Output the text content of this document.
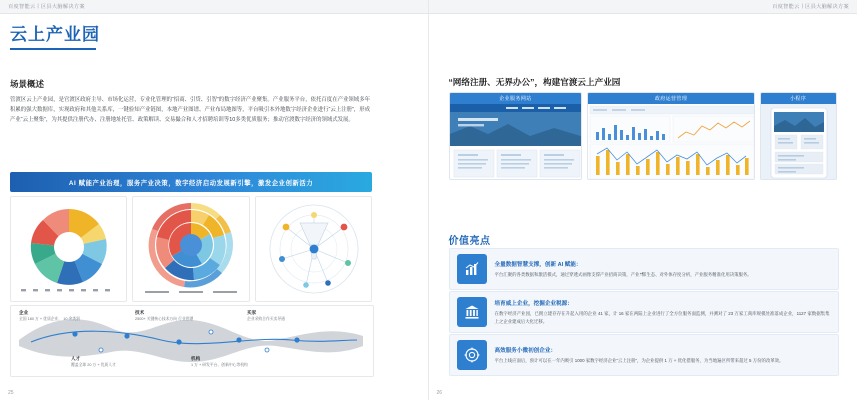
百度智能云丨区县大脑解决方案
云上产业园
场景概述
管渡区云上产业园，是官渡区政府主导、市场化运营，专业化管理的“招商、引贷、引智”的数字经济产业聚集。产业服务平台，依托百度在产业领域多年积累的强大数据库，实现政府和其他关系库，一键验知产业链图，本地产业图谱、产业布局地图等，平台吸引本外地数字经济企业进行“云上注册”，形成产业“云上聚集”，为其提供注册代办、注册地址托管、政策解读、交易撮合和人才招聘培训等10多类优质服务；推动官渡数字经济的领域式发展。
AI 赋能产业治理，服务产业决策，数字经济启动发展新引擎，激发企业创新活力
企业
全国 180 万 + 优质企业， 10 余类别
技术
2500+ 关键核心技术万向 行业图谱
买家
企业采购合作买卖导通
人才
覆盖全球 20 万 + 优质人才
机构
1 万 + 研发平台、创新中心等机构
25
百度智能云丨区县大脑解决方案
“网络注册、无界办公”，构建官渡云上产业园
企业服务网站	政府运营管理	小程序
价值亮点
全量数据智慧支撑，创新 AI 赋能：
平台汇聚的各类数据和激活模式，通过穿透式画像支撑产业招商决策，产业ో部生态、对外体存度分析，产业服务精准化用决策服务。
培育威上企业，挖掘企业税源：
在数字经济产业园，已拥立建存存在升起入用的企业 41 家，计 16 家在两陆上企业进行了全方位服务面监测，并测对了 23 万家工商库规模处准落成企业，1127 家数据集集上之企业建成后大化迁移。
高效服务小微初创企业：
平台上线应面后，预计可以在一年内吸引 1000 家数字经济企业“云上注册”，为企业提供 1 万 + 优化措服务，为当地遍区所带来超过 5 万份的改革效。
26
